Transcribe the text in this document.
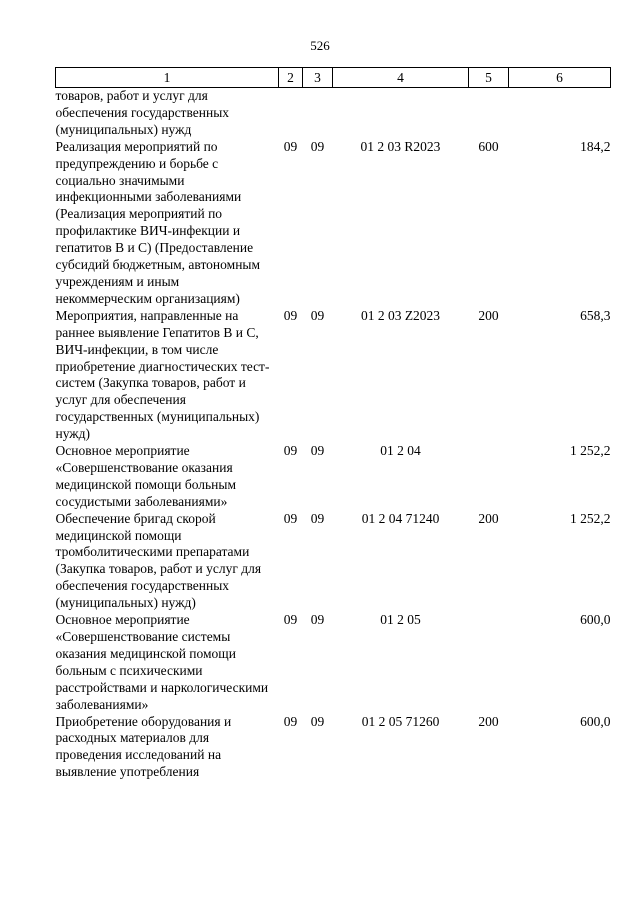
526
1	2	3	4	5	6
товаров, работ и услуг для обеспечения государственных (муниципальных) нужд					
Реализация мероприятий по предупреждению и борьбе с социально значимыми инфекционными заболеваниями (Реализация мероприятий по профилактике ВИЧ-инфекции и гепатитов В и С) (Предоставление субсидий бюджетным, автономным учреждениям и иным некоммерческим организациям)	09	09	01 2 03 R2023	600	184,2
Мероприятия, направленные на раннее выявление Гепатитов В и С, ВИЧ-инфекции, в том числе приобретение диагностических тест-систем (Закупка товаров, работ и услуг для обеспечения государственных (муниципальных) нужд)	09	09	01 2 03 Z2023	200	658,3
Основное мероприятие «Совершенствование оказания медицинской помощи больным сосудистыми заболеваниями»	09	09	01 2 04		1 252,2
Обеспечение бригад скорой медицинской помощи тромболитическими препаратами (Закупка товаров, работ и услуг для обеспечения государственных (муниципальных) нужд)	09	09	01 2 04 71240	200	1 252,2
Основное мероприятие «Совершенствование системы оказания медицинской помощи больным с психическими расстройствами и наркологическими заболеваниями»	09	09	01 2 05		600,0
Приобретение оборудования и расходных материалов для проведения исследований на выявление употребления	09	09	01 2 05 71260	200	600,0
